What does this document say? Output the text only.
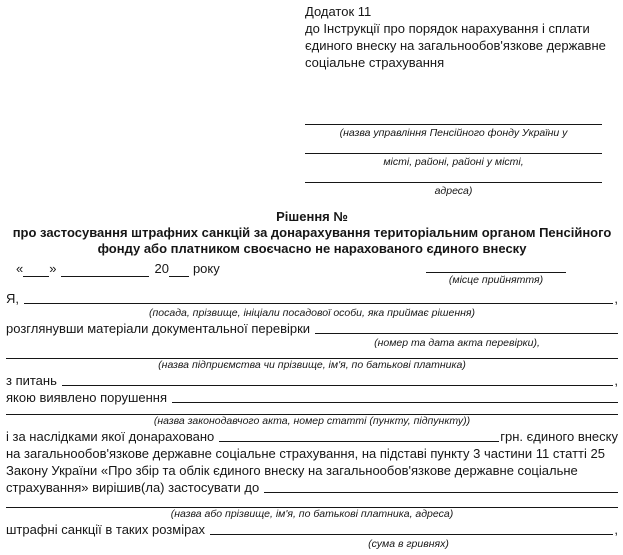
Додаток 11
до Інструкції про порядок нарахування і сплати
єдиного внеску на загальнообов'язкове державне
соціальне страхування
(назва управління Пенсійного фонду України у
місті, районі, районі у місті,
адреса)
Рішення №
про застосування штрафних санкцій за донарахування територіальним органом Пенсійного
фонду або платником своєчасно не нарахованого єдиного внеску
« »	20 року
(місце прийняття)
Я,	,
(посада, прізвище, ініціали посадової особи, яка приймає рішення)
розглянувши матеріали документальної перевірки
(номер та дата акта перевірки),
(назва підприємства чи прізвище, ім'я, по батькові платника)
з питань	,
якою виявлено порушення
(назва законодавчого акта, номер статті (пункту, підпункту))
і за наслідками якої донараховано	грн. єдиного внеску
на загальнообов'язкове державне соціальне страхування, на підставі пункту 3 частини 11 статті 25
Закону України «Про збір та облік єдиного внеску на загальнообов'язкове державне соціальне
страхування» вирішив(ла) застосувати до
(назва або прізвище, ім'я, по батькові платника, адреса)
штрафні санкції в таких розмірах	,
(сума в гривнях)
